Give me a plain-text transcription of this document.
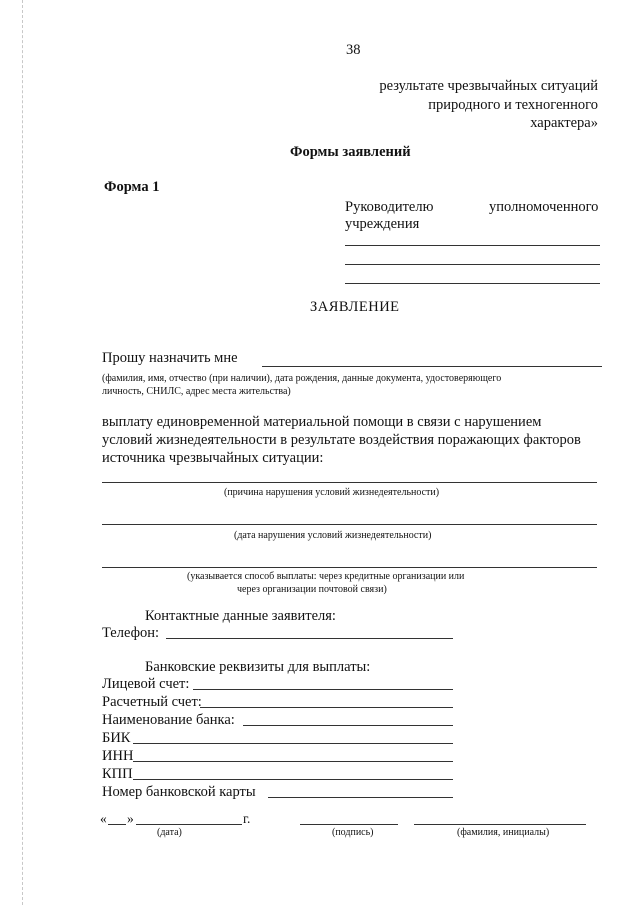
38
результате чрезвычайных ситуаций
природного и техногенного
характера»
Формы заявлений
Форма 1
Руководителю	уполномоченного
учреждения
ЗАЯВЛЕНИЕ
Прошу назначить мне
(фамилия, имя, отчество (при наличии), дата рождения, данные документа, удостоверяющего
личность, СНИЛС, адрес места жительства)
выплату единовременной материальной помощи в связи с нарушением
условий жизнедеятельности в результате воздействия поражающих факторов
источника чрезвычайных ситуации:
(причина нарушения условий жизнедеятельности)
(дата нарушения условий жизнедеятельности)
(указывается способ выплаты: через кредитные организации или
через организации почтовой связи)
Контактные данные заявителя:
Телефон:
Банковские реквизиты для выплаты:
Лицевой счет:
Расчетный счет:
Наименование банка:
БИК
ИНН
КПП
Номер банковской карты
« »	г.
(дата)	(подпись)	(фамилия, инициалы)
